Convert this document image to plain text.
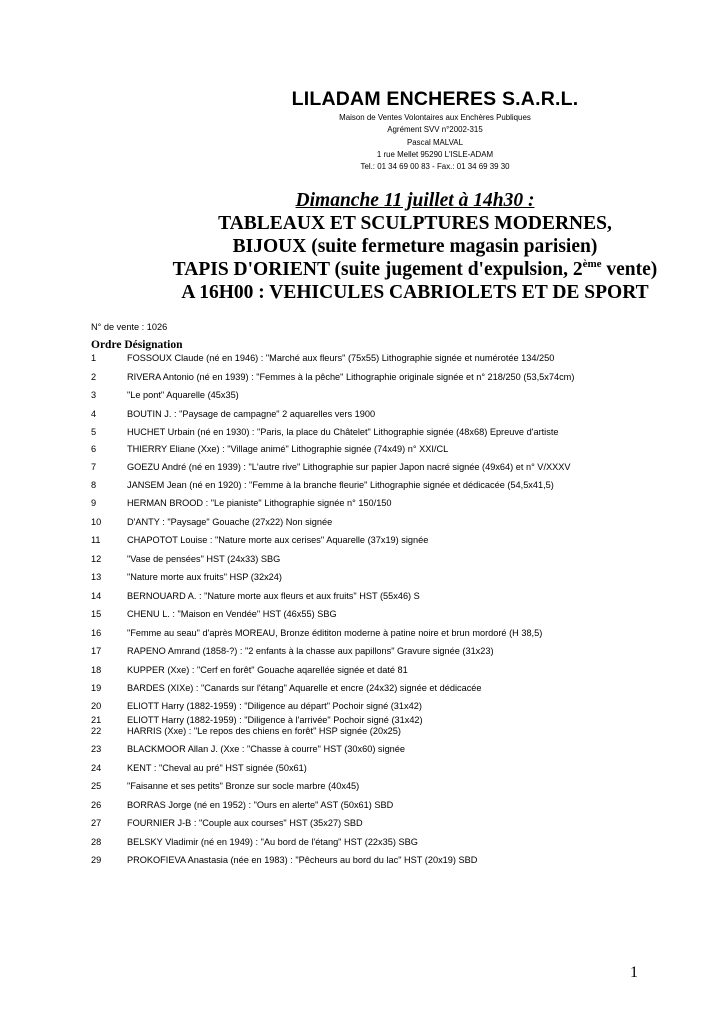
LILADAM ENCHERES S.A.R.L.
Maison de Ventes Volontaires aux Enchères Publiques
Agrément SVV n°2002-315
Pascal MALVAL
1 rue Mellet 95290 L'ISLE-ADAM
Tel.: 01 34 69 00 83 - Fax.: 01 34 69 39 30
Dimanche 11 juillet à 14h30 :
TABLEAUX ET SCULPTURES MODERNES,
BIJOUX (suite fermeture magasin parisien)
TAPIS D'ORIENT (suite jugement d'expulsion, 2ème vente)
A 16H00 : VEHICULES CABRIOLETS ET DE SPORT
N° de vente : 1026
Ordre Désignation
1	FOSSOUX Claude (né en 1946) : "Marché aux fleurs" (75x55) Lithographie signée et numérotée 134/250
2	RIVERA Antonio (né en 1939) : "Femmes à la pêche" Lithographie originale signée et n° 218/250 (53,5x74cm)
3	"Le pont" Aquarelle (45x35)
4	BOUTIN J. : "Paysage de campagne" 2 aquarelles vers 1900
5	HUCHET Urbain (né en 1930) : "Paris, la place du Châtelet" Lithographie signée (48x68) Epreuve d'artiste
6	THIERRY Eliane (Xxe) : "Village animé" Lithographie signée (74x49) n° XXI/CL
7	GOEZU André (né en 1939) : "L'autre rive" Lithographie sur papier Japon nacré signée (49x64) et n° V/XXXV
8	JANSEM Jean (né en 1920) : "Femme à la branche fleurie" Lithographie signée et dédicacée (54,5x41,5)
9	HERMAN BROOD : "Le pianiste" Lithographie signée n° 150/150
10	D'ANTY : "Paysage" Gouache (27x22) Non signée
11	CHAPOTOT Louise : "Nature morte aux cerises" Aquarelle (37x19) signée
12	"Vase de pensées" HST (24x33) SBG
13	"Nature morte aux fruits" HSP (32x24)
14	BERNOUARD A. : "Nature morte aux fleurs et aux fruits" HST (55x46) S
15	CHENU L. : "Maison en Vendée" HST (46x55) SBG
16	"Femme au seau" d'après MOREAU, Bronze édititon moderne à patine noire et brun mordoré (H 38,5)
17	RAPENO Amrand (1858-?) : "2 enfants à la chasse aux papillons" Gravure signée (31x23)
18	KUPPER (Xxe) : "Cerf en forêt" Gouache aqarellée signée et daté 81
19	BARDES (XIXe) : "Canards sur l'étang" Aquarelle et encre (24x32) signée et dédicacée
20	ELIOTT Harry (1882-1959) : "Diligence au départ" Pochoir signé (31x42)
21	ELIOTT Harry (1882-1959) : "Diligence à l'arrivée" Pochoir signé (31x42)
22	HARRIS (Xxe) : "Le repos des chiens en forêt" HSP signée (20x25)
23	BLACKMOOR Allan J. (Xxe : "Chasse à courre" HST (30x60) signée
24	KENT : "Cheval au pré" HST signée (50x61)
25	"Faisanne et ses petits" Bronze sur socle marbre (40x45)
26	BORRAS Jorge (né en 1952) : "Ours en alerte" AST (50x61) SBD
27	FOURNIER J-B : "Couple aux courses" HST (35x27) SBD
28	BELSKY Vladimir (né en 1949) : "Au bord de l'étang" HST (22x35) SBG
29	PROKOFIEVA Anastasia (née en 1983) : "Pêcheurs au bord du lac" HST (20x19) SBD
1
